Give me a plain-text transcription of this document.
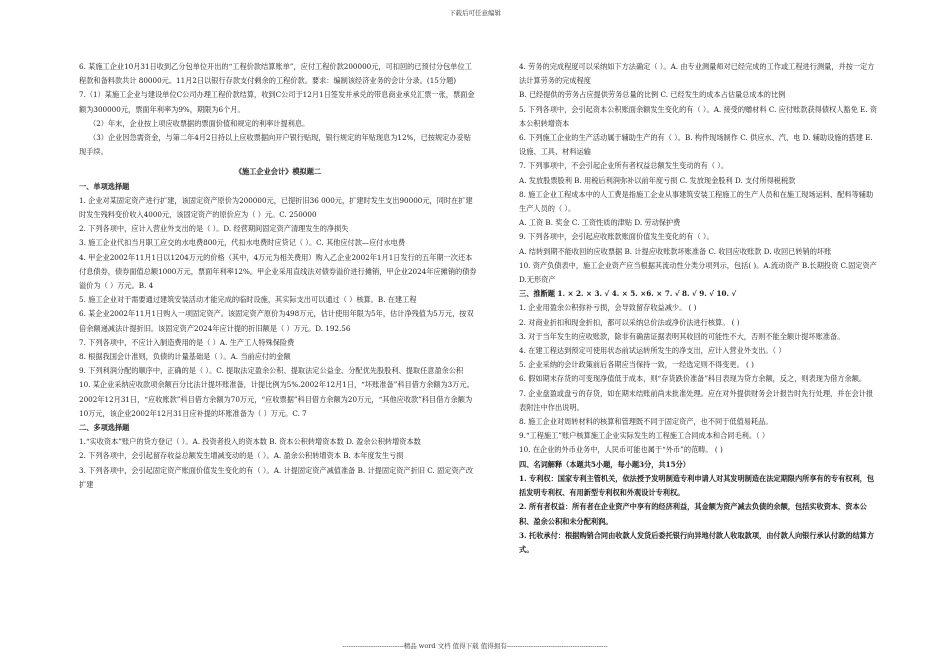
下载后可任意编辑

6. 某施工企业10月31日收到乙分包单位开出的“工程价款结算账单”，应付工程价款200000元，可扣回的已预付分包单位工程款和备料款共计 80000元。11月2日以银行存款支付剩余的工程价款。要求：编制该经济业务的会计分录。(15分题)

7.（1）某施工企业与建设单位C公司办理工程价款结算，收到C公司于12月1日签发并承兑的带息商业承兑汇票一张，票面金额为300000元，票面年利率为9%，期限为6个月。

（2）年末，企业按上项应收票据的票面价值和规定的利率计提利息。

（3）企业因急需资金，与第二年4月2日持以上应收票据向开户银行贴现，银行规定的年贴现息为12%，已按规定办妥贴现手续。

《施工企业会计》模拟题二

一、单项选择题

1. 企业对某固定资产进行扩建，该固定资产原价为200000元，已提折旧36 000元，扩建时发生支出90000元，同时在扩建时发生残料变价收入4000元，该固定资产的原价应为（ ）元。C. 250000

2. 下列各项中，应计入营业外支出的是（ ）。D. 经营期间固定资产清理发生的净损失

3. 施工企业代扣当月职工应交的水电费800元，代扣水电费时应贷记（ ）。C. 其他应付款—应付水电费

4. 甲企业2002年11月1日以1204万元的价格（其中，4万元为相关费用）购入乙企业2002年1月1日发行的五年期一次还本付息债券，债券面值总额1000万元，票面年利率12%。甲企业采用直线法对债券溢价进行摊销，甲企业2024年应摊销的债券溢价为（ ）万元。B. 4

5. 施工企业对于需要通过建筑安装活动才能完成的临时设施，其实际支出可以通过（ ）核算。B. 在建工程

6. 某企业2002年11月1日购入一项固定资产。该固定资产原价为498万元，估计使用年限为5年，估计净残值为5万元，按双倍余额递减法计提折旧。该固定资产2024年应计提的折旧额是（ ）万元。D. 192.56

7. 下列各项中，不应计入制造费用的是（ ）A. 生产工人特殊保险费

8. 根据我国会计准则，负债的计量基础是（ ）。A. 当前应付的金额

9. 下列利润分配的顺序中，正确的是（ ）。C. 提取法定盈余公积、提取法定公益金、分配优先股股利、提取任意盈余公积

10. 某企业采纳应收款项余额百分比法计提坏账准备，计提比例为5%.2002年12月1日，“坏账准备”科目借方余额为3万元。2002年12月31日，“应收账款”科目借方余额为70万元，“应收票据”科目借方余额为20万元，“其他应收款”科目借方余额为10万元，该企业2002年12月31日应补提的坏账准备为（ ）万元。C. 7

二、多项选择题

1.“实收资本”账户的贷方登记（ ）。A. 投资者投入的资本数 B. 资本公积转增资本数 D. 盈余公积转增资本数

2. 下列各项中，会引起留存收益总额发生增减变动的是（ ）。A. 盈余公积转增资本 B. 本年度发生亏损

3. 下列各项中，会引起固定资产账面价值发生变化的有（ ）。A. 计提固定资产减值准备 B. 计提固定资产折旧 C. 固定资产改扩建

4. 劳务的完成程度可以采纳如下方法确定（ ）。A. 由专业测量师对已经完成的工作或工程进行测量，并按一定方法计算劳务的完成程度

B. 已经提供的劳务占应提供劳务总量的比例 C. 已经发生的成本占估量总成本的比例

5. 下列各项中，会引起资本公积账面余额发生变化的有（ ）。A. 接受的赠材料 C. 应付账款获得债权人豁免 E. 资本公积转增资本

6. 下列施工企业的生产活动属于辅助生产的有（ ）。B. 构件现场制作 C. 供应水、汽、电 D. 辅助设施的搭建 E. 设施、工具、材料运输

7. 下列事项中，不会引起企业所有者权益总额发生变动的有（ ）。

A. 发放股票股利 B. 用税后利润弥补以前年度亏损 C. 发放现金股利 D. 支付所得税税款

8. 施工企业工程成本中的人工费是指施工企业从事建筑安装工程施工的生产人员和在施工现场运料、配料等辅助生产人员的（ ）。

A. 工资 B. 奖金 C. 工资性质的津贴 D. 劳动保护费

9. 下列各项中，会引起应收账款账面价值发生变化的有（ ）。

A. 结转到期不能收回的应收票据 B. 计提应收账款坏账准备 C. 收回应收账款 D. 收回已转销的坏账

10. 资产负债表中，施工企业资产应当根据其流动性分类分项列示，包括( )。A.流动资产 B.长期投资 C.固定资产 D.无形资产

三、推断题 1. × 2. × 3. √ 4. × 5. ×6. × 7. √ 8. √ 9. √ 10. √

1. 企业用盈余公积弥补亏损，会导致留存收益减少。 ( )

2. 对商业折扣和现金折扣，都可以采纳总价法或净价法进行核算。 ( )

3. 对于当年发生的应收账款，除非有确凿证据表明其收回的可能性不大，否则不能全额计提坏账准备。

4. 在建工程达到预定可使用状态前试运转所发生的净支出，应计入营业外支出。（ ）

5. 企业采纳的会计政策前后各期应当保持一致，一经选定则不得变更。 ( )

6. 假如期末存货的可变现净值低于成本，则“存货跌价准备”科目表现为贷方余额，反之，则表现为借方余额。

7. 企业盘盈或盘亏的存货，如在期末结账前尚未批准处理。应在对外提供财务会计报告时先行处理，并在会计报表附注中作出说明。

8. 施工企业对周转材料的核算和管理既不同于固定资产，也不同于低值易耗品。

9.“工程施工”账户核算施工企业实际发生的工程施工合同成本和合同毛利。（ ）

10. 在企业的外币业务中，人民币可能也属于“外币”的范畴。 ( )

四、名词解释（本题共5小题，每小题3分，共15分）

1. 专利权：国家专利主管机关，依法授予发明制造专利申请人对其发明制造在法定期限内所享有的专有权利，包括发明专利权、有用新型专利权和外观设计专利权。

2. 所有者权益：所有者在企业资产中享有的经济利益，其金额为资产减去负债的余额，包括实收资本、资本公积、盈余公积和未分配利润。

3. 托收承付：根据购销合同由收款人发货后委托银行向异地付款人收取款项，由付款人向银行承认付款的结算方式。

----------------------------精品 word 文档 值得下载 值得拥有----------------------------------------------
